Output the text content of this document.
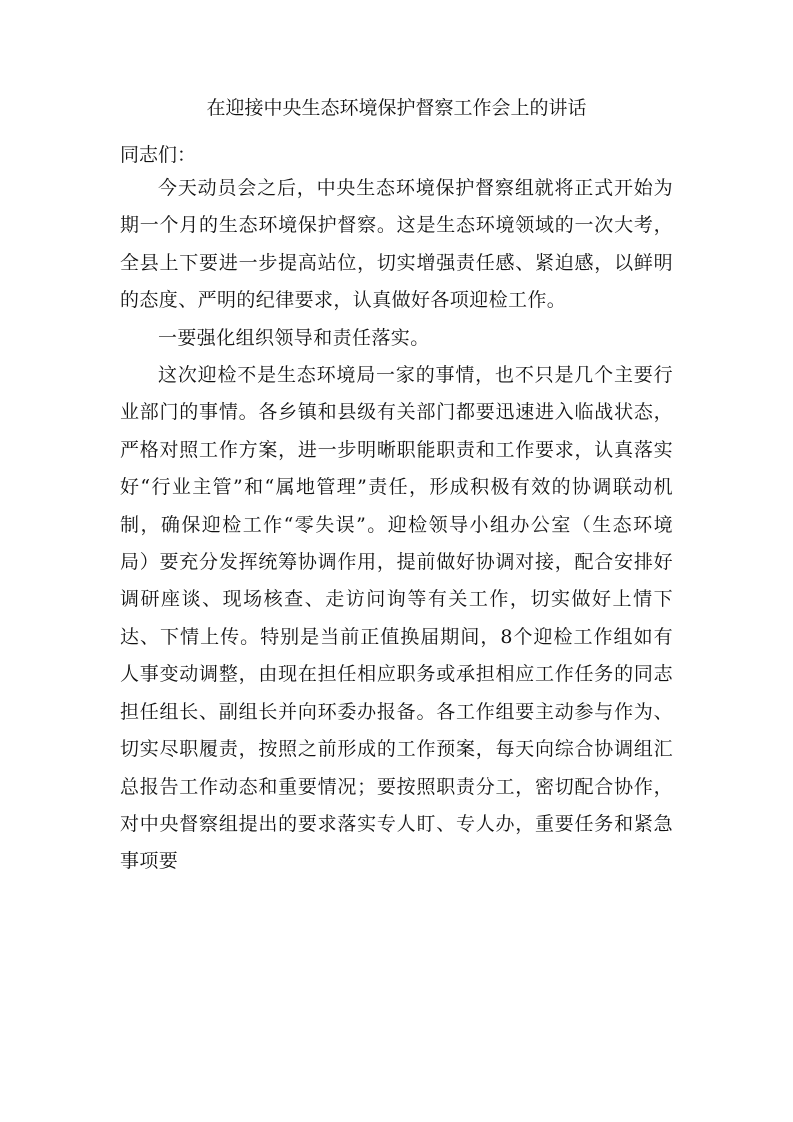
在迎接中央生态环境保护督察工作会上的讲话
同志们：

今天动员会之后，中央生态环境保护督察组就将正式开始为期一个月的生态环境保护督察。这是生态环境领域的一次大考，全县上下要进一步提高站位，切实增强责任感、紧迫感，以鲜明的态度、严明的纪律要求，认真做好各项迎检工作。

一要强化组织领导和责任落实。

这次迎检不是生态环境局一家的事情，也不只是几个主要行业部门的事情。各乡镇和县级有关部门都要迅速进入临战状态，严格对照工作方案，进一步明晰职能职责和工作要求，认真落实好“行业主管”和“属地管理”责任，形成积极有效的协调联动机制，确保迎检工作“零失误”。迎检领导小组办公室（生态环境局）要充分发挥统筹协调作用，提前做好协调对接，配合安排好调研座谈、现场核查、走访问询等有关工作，切实做好上情下达、下情上传。特别是当前正值换届期间，8个迎检工作组如有人事变动调整，由现在担任相应职务或承担相应工作任务的同志担任组长、副组长并向环委办报备。各工作组要主动参与作为、切实尽职履责，按照之前形成的工作预案，每天向综合协调组汇总报告工作动态和重要情况；要按照职责分工，密切配合协作，对中央督察组提出的要求落实专人盯、专人办，重要任务和紧急事项要
